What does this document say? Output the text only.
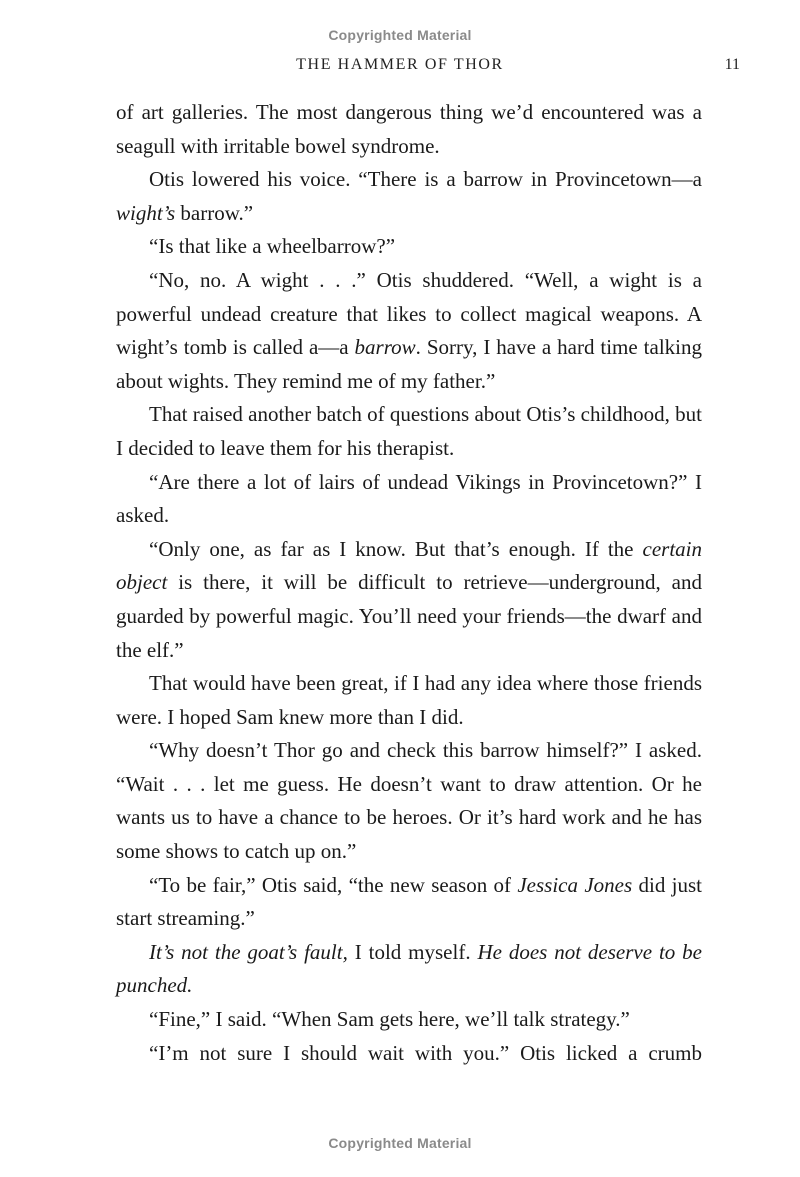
Copyrighted Material
THE HAMMER OF THOR	11

of art galleries. The most dangerous thing we’d encountered was a seagull with irritable bowel syndrome.

Otis lowered his voice. “There is a barrow in Provincetown—a wight’s barrow.”

“Is that like a wheelbarrow?”

“No, no. A wight . . .” Otis shuddered. “Well, a wight is a powerful undead creature that likes to collect magical weapons. A wight’s tomb is called a—a barrow. Sorry, I have a hard time talking about wights. They remind me of my father.”

That raised another batch of questions about Otis’s childhood, but I decided to leave them for his therapist.

“Are there a lot of lairs of undead Vikings in Provincetown?” I asked.

“Only one, as far as I know. But that’s enough. If the certain object is there, it will be difficult to retrieve—underground, and guarded by powerful magic. You’ll need your friends—the dwarf and the elf.”

That would have been great, if I had any idea where those friends were. I hoped Sam knew more than I did.

“Why doesn’t Thor go and check this barrow himself?” I asked. “Wait . . . let me guess. He doesn’t want to draw attention. Or he wants us to have a chance to be heroes. Or it’s hard work and he has some shows to catch up on.”

“To be fair,” Otis said, “the new season of Jessica Jones did just start streaming.”

It’s not the goat’s fault, I told myself. He does not deserve to be punched.

“Fine,” I said. “When Sam gets here, we’ll talk strategy.”

“I’m not sure I should wait with you.” Otis licked a crumb

Copyrighted Material
